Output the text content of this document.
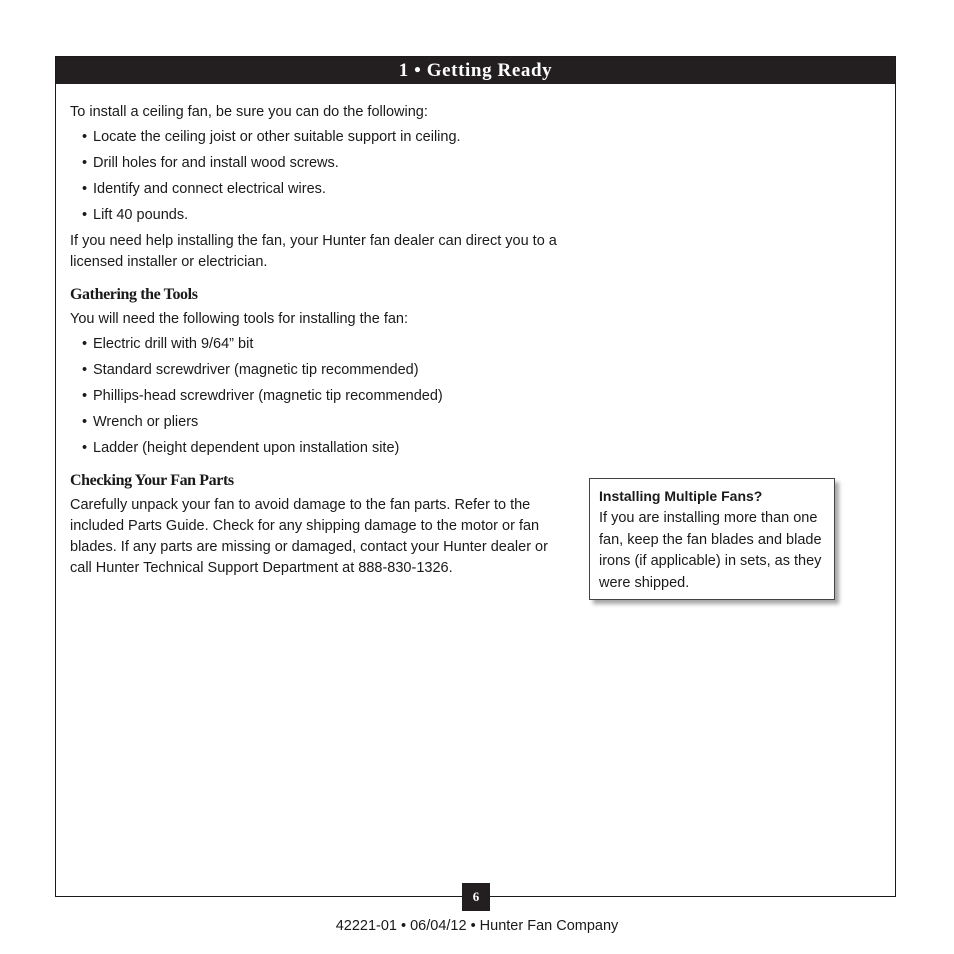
1 • Getting Ready

To install a ceiling fan, be sure you can do the following:

• Locate the ceiling joist or other suitable support in ceiling.
• Drill holes for and install wood screws.
• Identify and connect electrical wires.
• Lift 40 pounds.

If you need help installing the fan, your Hunter fan dealer can direct you to a licensed installer or electrician.

Gathering the Tools

You will need the following tools for installing the fan:

• Electric drill with 9/64” bit
• Standard screwdriver (magnetic tip recommended)
• Phillips-head screwdriver (magnetic tip recommended)
• Wrench or pliers
• Ladder (height dependent upon installation site)
Checking Your Fan Parts

Carefully unpack your fan to avoid damage to the fan parts. Refer to the included Parts Guide. Check for any shipping damage to the motor or fan blades. If any parts are missing or damaged, contact your Hunter dealer or call Hunter Technical Support Department at 888-830-1326.

Installing Multiple Fans?

If you are installing more than one fan, keep the fan blades and blade irons (if applicable) in sets, as they were shipped.

6
42221-01 • 06/04/12 • Hunter Fan Company
